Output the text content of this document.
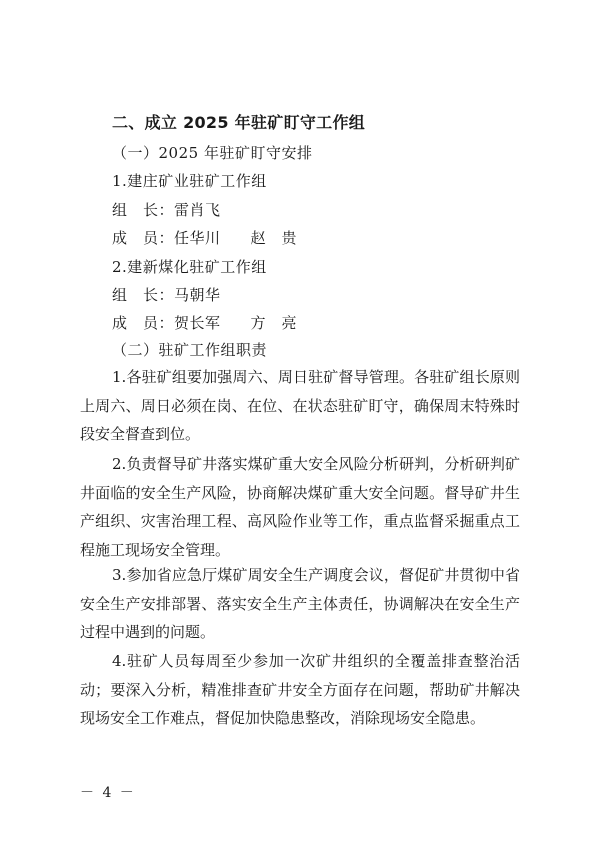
二、成立 2025 年驻矿盯守工作组
（一）2025 年驻矿盯守安排
1.建庄矿业驻矿工作组
组　长：雷肖飞
成　员：任华川 赵　贵
2.建新煤化驻矿工作组
组　长：马朝华
成　员：贺长军 方　亮
（二）驻矿工作组职责
1.各驻矿组要加强周六、周日驻矿督导管理。各驻矿组长原则上周六、周日必须在岗、在位、在状态驻矿盯守，确保周末特殊时段安全督查到位。
2.负责督导矿井落实煤矿重大安全风险分析研判，分析研判矿井面临的安全生产风险，协商解决煤矿重大安全问题。督导矿井生产组织、灾害治理工程、高风险作业等工作，重点监督采掘重点工程施工现场安全管理。
3.参加省应急厅煤矿周安全生产调度会议，督促矿井贯彻中省安全生产安排部署、落实安全生产主体责任，协调解决在安全生产过程中遇到的问题。
4.驻矿人员每周至少参加一次矿井组织的全覆盖排查整治活动；要深入分析，精准排查矿井安全方面存在问题，帮助矿井解决现场安全工作难点，督促加快隐患整改，消除现场安全隐患。
－ 4 －
